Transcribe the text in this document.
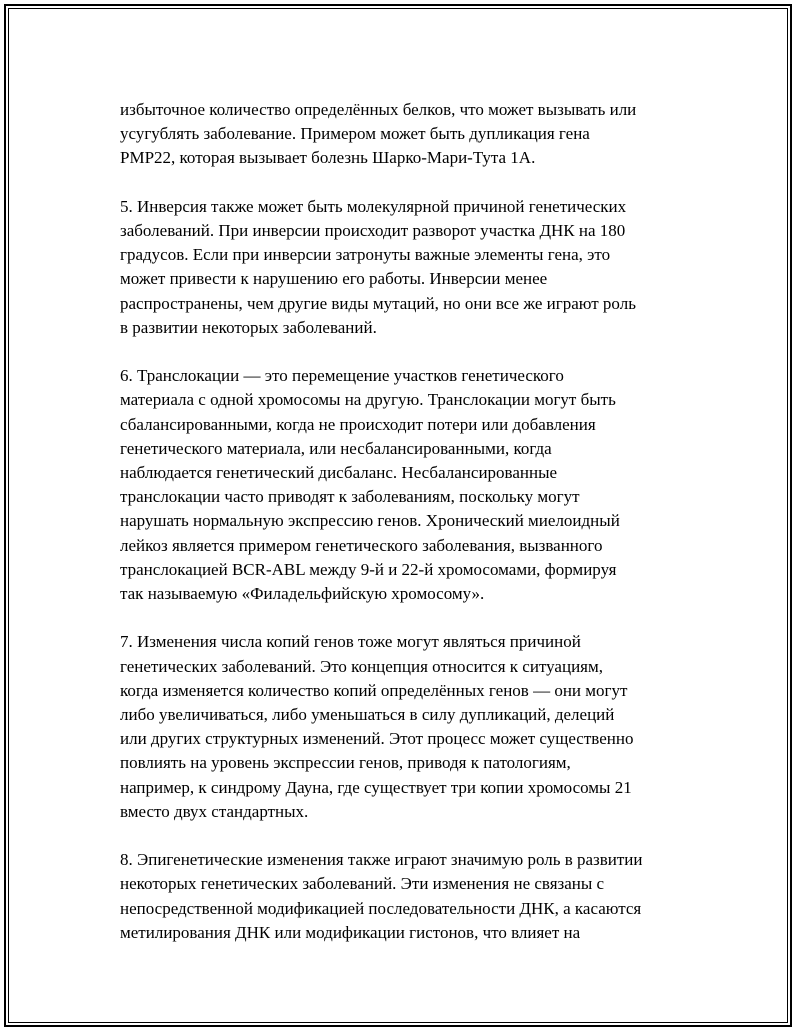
избыточное количество определённых белков, что может вызывать или
усугублять заболевание. Примером может быть дупликация гена
PMP22, которая вызывает болезнь Шарко-Мари-Тута 1A.

5. Инверсия также может быть молекулярной причиной генетических
заболеваний. При инверсии происходит разворот участка ДНК на 180
градусов. Если при инверсии затронуты важные элементы гена, это
может привести к нарушению его работы. Инверсии менее
распространены, чем другие виды мутаций, но они все же играют роль
в развитии некоторых заболеваний.

6. Транслокации — это перемещение участков генетического
материала с одной хромосомы на другую. Транслокации могут быть
сбалансированными, когда не происходит потери или добавления
генетического материала, или несбалансированными, когда
наблюдается генетический дисбаланс. Несбалансированные
транслокации часто приводят к заболеваниям, поскольку могут
нарушать нормальную экспрессию генов. Хронический миелоидный
лейкоз является примером генетического заболевания, вызванного
транслокацией BCR-ABL между 9-й и 22-й хромосомами, формируя
так называемую «Филадельфийскую хромосому».

7. Изменения числа копий генов тоже могут являться причиной
генетических заболеваний. Это концепция относится к ситуациям,
когда изменяется количество копий определённых генов — они могут
либо увеличиваться, либо уменьшаться в силу дупликаций, делеций
или других структурных изменений. Этот процесс может существенно
повлиять на уровень экспрессии генов, приводя к патологиям,
например, к синдрому Дауна, где существует три копии хромосомы 21
вместо двух стандартных.

8. Эпигенетические изменения также играют значимую роль в развитии
некоторых генетических заболеваний. Эти изменения не связаны с
непосредственной модификацией последовательности ДНК, а касаются
метилирования ДНК или модификации гистонов, что влияет на
